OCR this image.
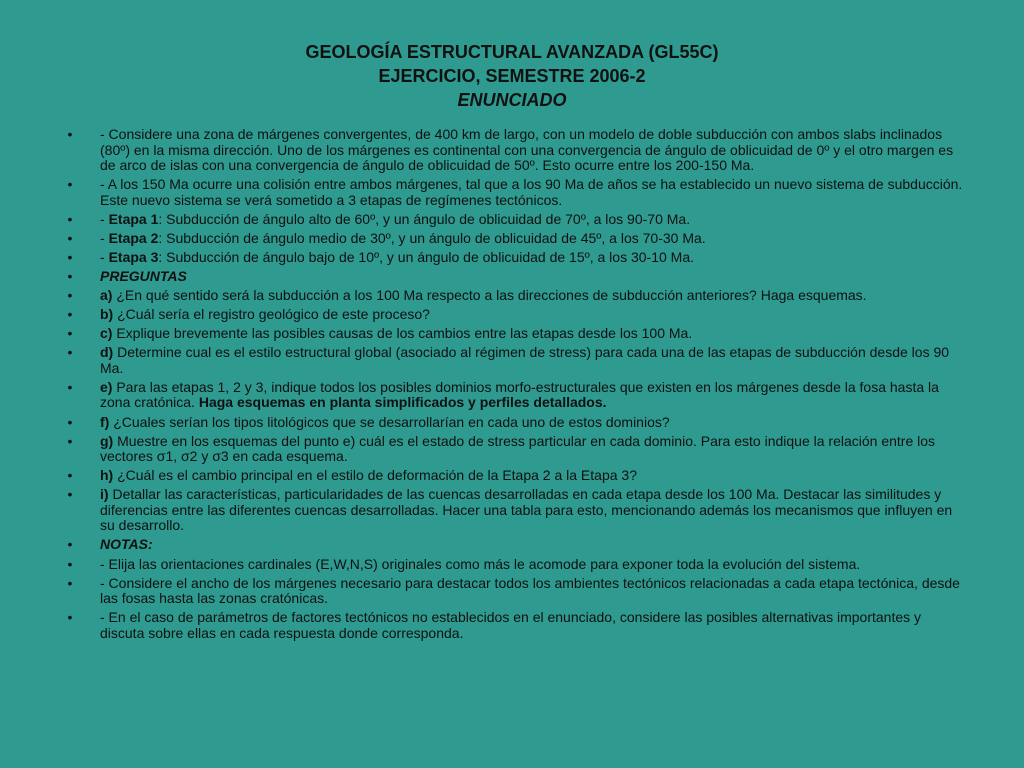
GEOLOGÍA ESTRUCTURAL AVANZADA (GL55C)
EJERCICIO, SEMESTRE 2006-2
ENUNCIADO
• - Considere una zona de márgenes convergentes, de 400 km de largo, con un modelo de doble subducción con ambos slabs inclinados (80º) en la misma dirección. Uno de los márgenes es continental con una convergencia de ángulo de oblicuidad de 0º y el otro margen es de arco de islas con una convergencia de ángulo de oblicuidad de 50º. Esto ocurre entre los 200-150 Ma.
• - A los 150 Ma ocurre una colisión entre ambos márgenes, tal que a los 90 Ma de años se ha establecido un nuevo sistema de subducción. Este nuevo sistema se verá sometido a 3 etapas de regímenes tectónicos.
• - Etapa 1: Subducción de ángulo alto de 60º, y un ángulo de oblicuidad de 70º, a los 90-70 Ma.
• - Etapa 2: Subducción de ángulo medio de 30º, y un ángulo de oblicuidad de 45º, a los 70-30 Ma.
• - Etapa 3: Subducción de ángulo bajo de 10º, y un ángulo de oblicuidad de 15º, a los 30-10 Ma.
• PREGUNTAS
• a) ¿En qué sentido será la subducción a los 100 Ma respecto a las direcciones de subducción anteriores? Haga esquemas.
• b) ¿Cuál sería el registro geológico de este proceso?
• c) Explique brevemente las posibles causas de los cambios entre las etapas desde los 100 Ma.
• d) Determine cual es el estilo estructural global (asociado al régimen de stress) para cada una de las etapas de subducción desde los 90 Ma.
• e) Para las etapas 1, 2 y 3, indique todos los posibles dominios morfo-estructurales que existen en los márgenes desde la fosa hasta la zona cratónica. Haga esquemas en planta simplificados y perfiles detallados.
• f) ¿Cuales serían los tipos litológicos que se desarrollarían en cada uno de estos dominios?
• g) Muestre en los esquemas del punto e) cuál es el estado de stress particular en cada dominio. Para esto indique la relación entre los vectores σ1, σ2 y σ3 en cada esquema.
• h) ¿Cuál es el cambio principal en el estilo de deformación de la Etapa 2 a la Etapa 3?
• i) Detallar las características, particularidades de las cuencas desarrolladas en cada etapa desde los 100 Ma. Destacar las similitudes y diferencias entre las diferentes cuencas desarrolladas. Hacer una tabla para esto, mencionando además los mecanismos que influyen en su desarrollo.
• NOTAS:
• - Elija las orientaciones cardinales (E,W,N,S) originales como más le acomode para exponer toda la evolución del sistema.
• - Considere el ancho de los márgenes necesario para destacar todos los ambientes tectónicos relacionadas a cada etapa tectónica, desde las fosas hasta las zonas cratónicas.
• - En el caso de parámetros de factores tectónicos no establecidos en el enunciado, considere las posibles alternativas importantes y discuta sobre ellas en cada respuesta donde corresponda.
